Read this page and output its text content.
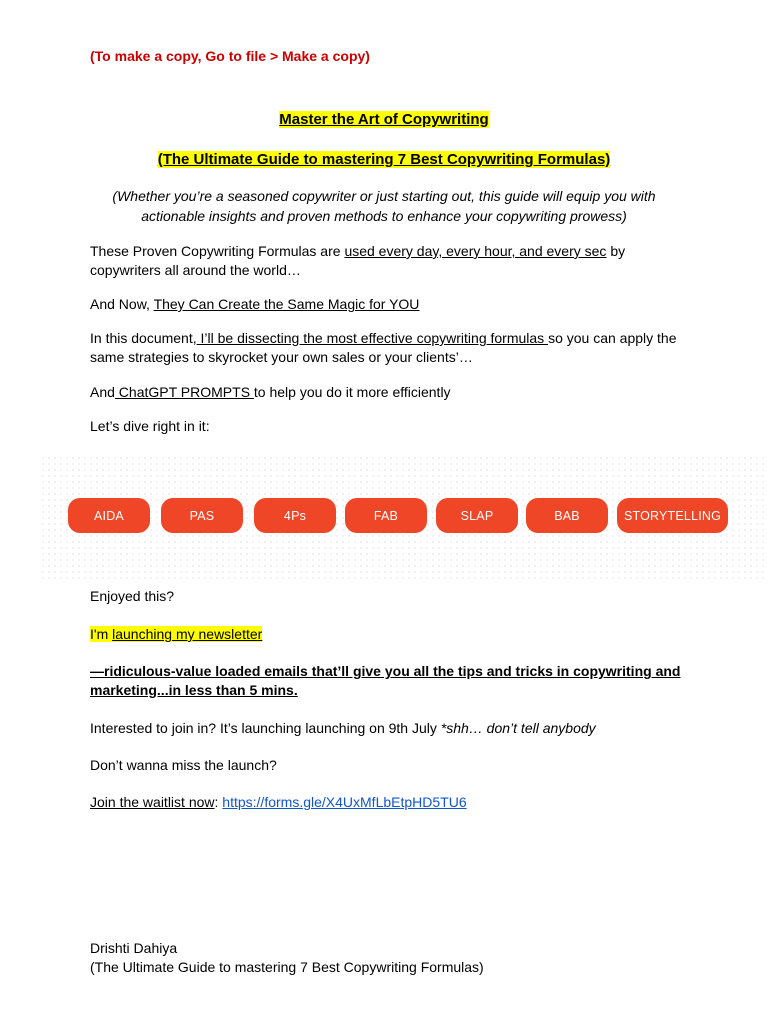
(To make a copy, Go to file > Make a copy)

Master the Art of Copywriting
(The Ultimate Guide to mastering 7 Best Copywriting Formulas)
(Whether you’re a seasoned copywriter or just starting out, this guide will equip you with
actionable insights and proven methods to enhance your copywriting prowess)

These Proven Copywriting Formulas are used every day, every hour, and every sec by copywriters all around the world…

And Now, They Can Create the Same Magic for YOU

In this document, I’ll be dissecting the most effective copywriting formulas so you can apply the same strategies to skyrocket your own sales or your clients’…

And ChatGPT PROMPTS to help you do it more efficiently

Let’s dive right in it:

AIDA	PAS	4Ps	FAB	SLAP	BAB	STORYTELLING

Enjoyed this?

I'm launching my newsletter

—ridiculous-value loaded emails that’ll give you all the tips and tricks in copywriting and marketing...in less than 5 mins.

Interested to join in? It’s launching launching on 9th July *shh… don’t tell anybody

Don’t wanna miss the launch?

Join the waitlist now: https://forms.gle/X4UxMfLbEtpHD5TU6

Drishti Dahiya

(The Ultimate Guide to mastering 7 Best Copywriting Formulas)
